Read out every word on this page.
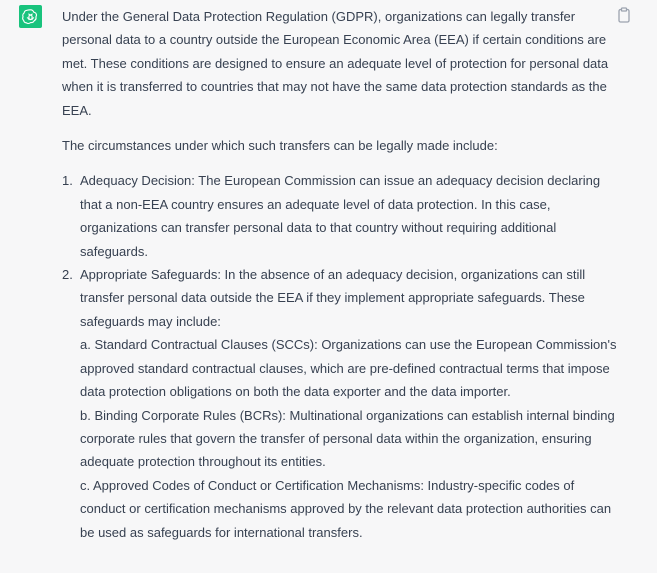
Under the General Data Protection Regulation (GDPR), organizations can legally transfer personal data to a country outside the European Economic Area (EEA) if certain conditions are met. These conditions are designed to ensure an adequate level of protection for personal data when it is transferred to countries that may not have the same data protection standards as the EEA.

The circumstances under which such transfers can be legally made include:

1. Adequacy Decision: The European Commission can issue an adequacy decision declaring that a non-EEA country ensures an adequate level of data protection. In this case, organizations can transfer personal data to that country without requiring additional safeguards.
2. Appropriate Safeguards: In the absence of an adequacy decision, organizations can still transfer personal data outside the EEA if they implement appropriate safeguards. These safeguards may include:
a. Standard Contractual Clauses (SCCs): Organizations can use the European Commission's approved standard contractual clauses, which are pre-defined contractual terms that impose data protection obligations on both the data exporter and the data importer.
b. Binding Corporate Rules (BCRs): Multinational organizations can establish internal binding corporate rules that govern the transfer of personal data within the organization, ensuring adequate protection throughout its entities.
c. Approved Codes of Conduct or Certification Mechanisms: Industry-specific codes of conduct or certification mechanisms approved by the relevant data protection authorities can be used as safeguards for international transfers.
